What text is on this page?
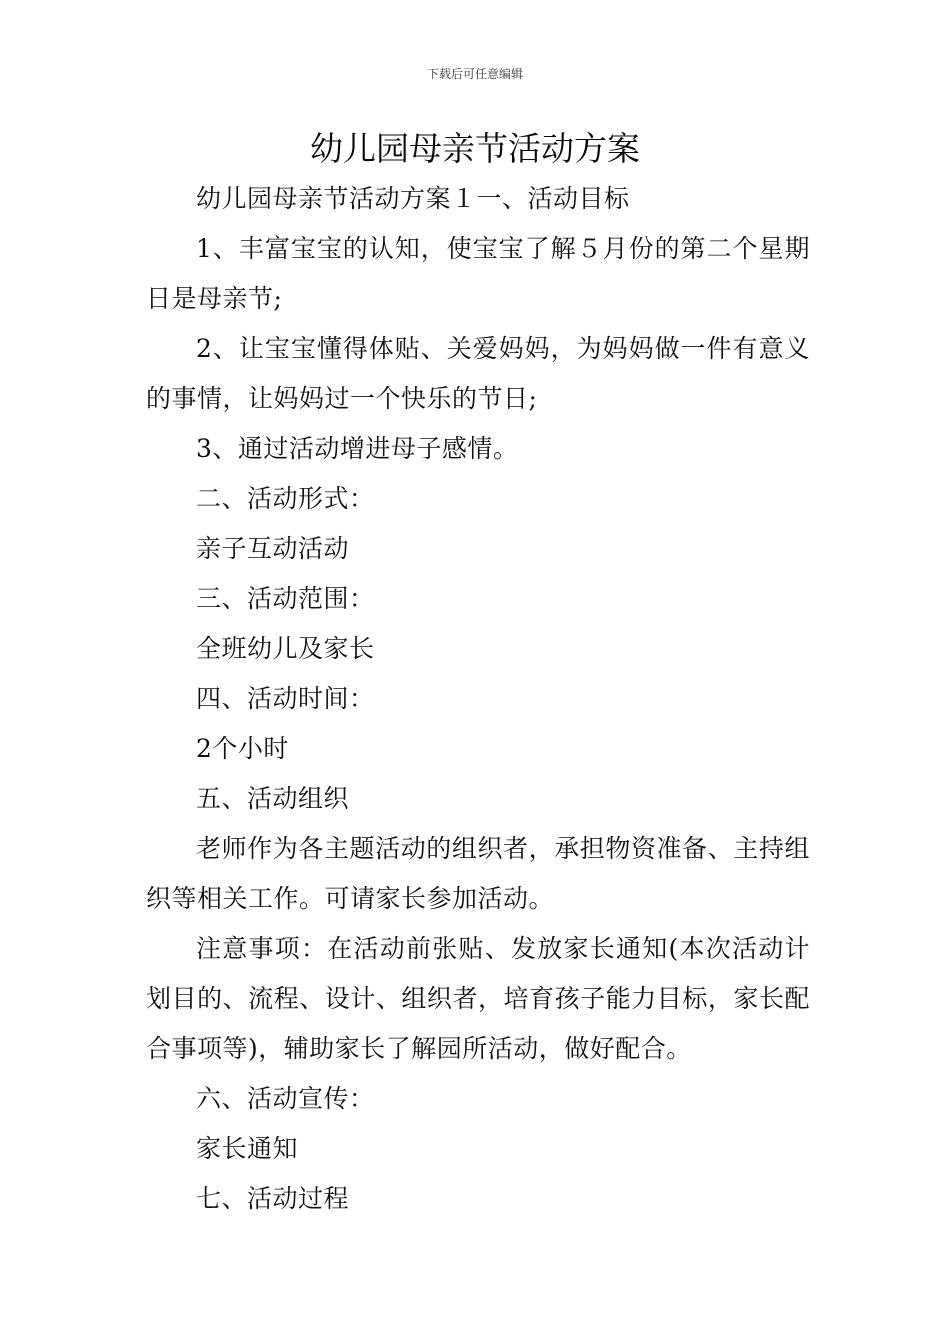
下载后可任意编辑
幼儿园母亲节活动方案

幼儿园母亲节活动方案１一、活动目标

1、丰富宝宝的认知，使宝宝了解５月份的第二个星期日是母亲节;

2、让宝宝懂得体贴、关爱妈妈，为妈妈做一件有意义的事情，让妈妈过一个快乐的节日;

3、通过活动增进母子感情。

二、活动形式：

亲子互动活动

三、活动范围：

全班幼儿及家长

四、活动时间：

2个小时

五、活动组织

老师作为各主题活动的组织者，承担物资准备、主持组织等相关工作。可请家长参加活动。

注意事项：在活动前张贴、发放家长通知(本次活动计划目的、流程、设计、组织者，培育孩子能力目标，家长配合事项等)，辅助家长了解园所活动，做好配合。

六、活动宣传：

家长通知

七、活动过程
